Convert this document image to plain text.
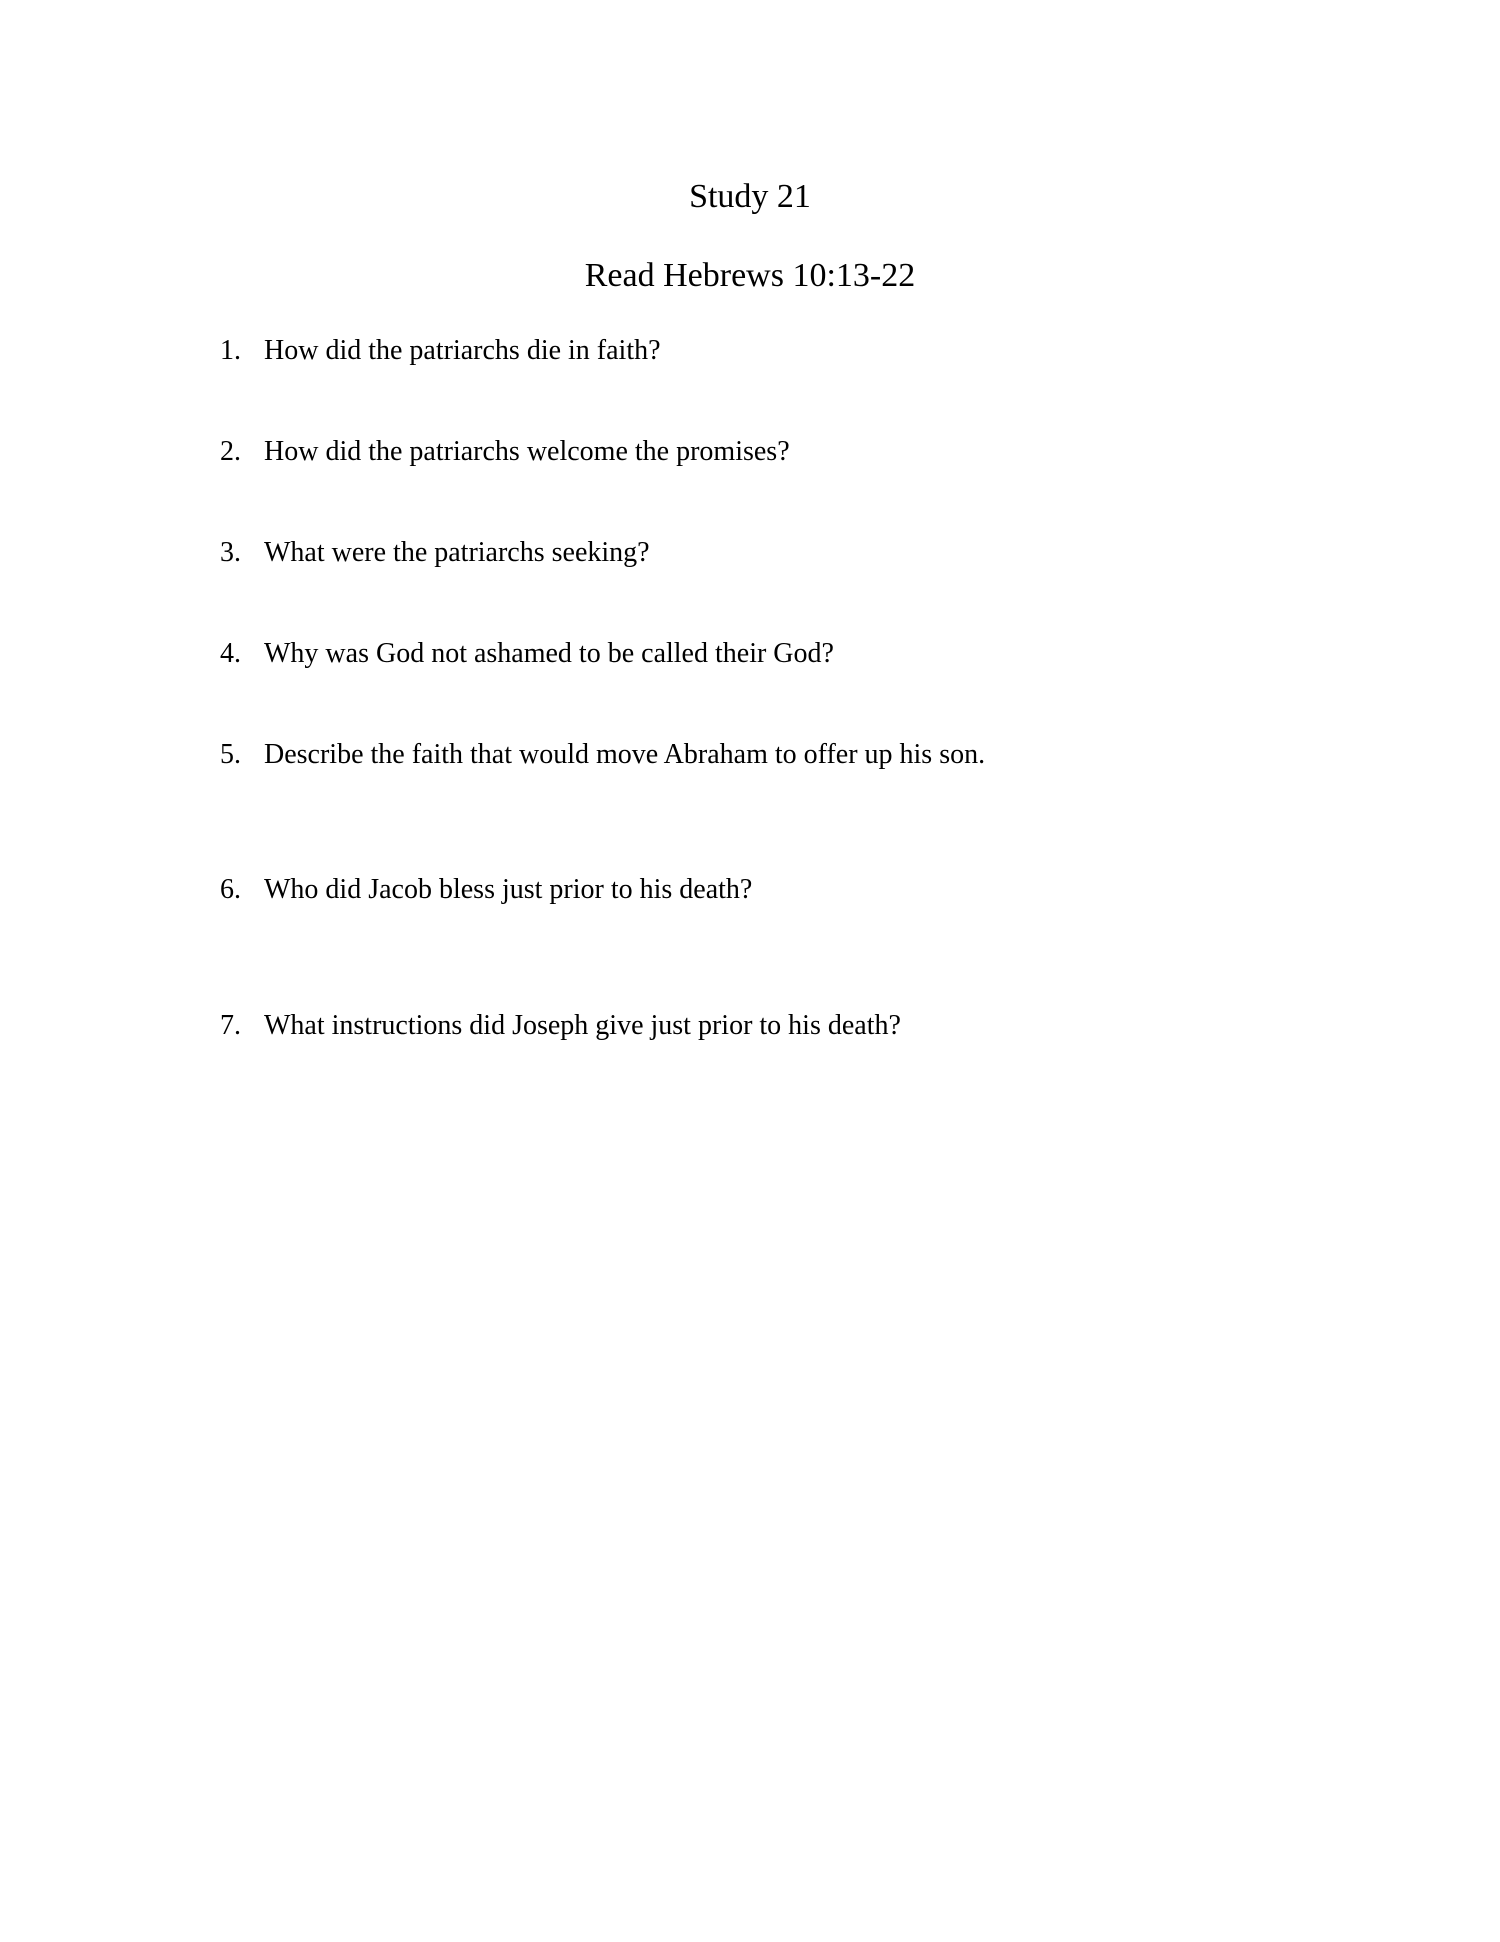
Study 21
Read Hebrews 10:13-22
1. How did the patriarchs die in faith?
2. How did the patriarchs welcome the promises?
3. What were the patriarchs seeking?
4. Why was God not ashamed to be called their God?
5. Describe the faith that would move Abraham to offer up his son.
6. Who did Jacob bless just prior to his death?
7. What instructions did Joseph give just prior to his death?
